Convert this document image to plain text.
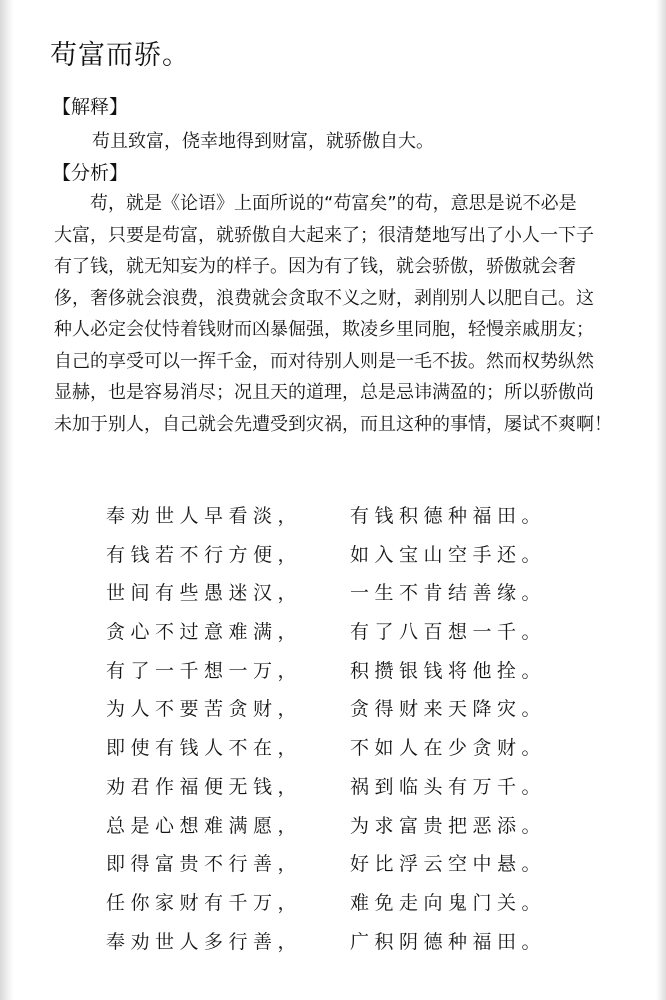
苟富而骄。
【解释】
苟且致富，侥幸地得到财富，就骄傲自大。
【分析】
苟，就是《论语》上面所说的“苟富矣”的苟，意思是说不必是
大富，只要是苟富，就骄傲自大起来了；很清楚地写出了小人一下子
有了钱，就无知妄为的样子。因为有了钱，就会骄傲，骄傲就会奢
侈，奢侈就会浪费，浪费就会贪取不义之财，剥削别人以肥自己。这
种人必定会仗恃着钱财而凶暴倔强，欺凌乡里同胞，轻慢亲戚朋友；
自己的享受可以一挥千金，而对待别人则是一毛不拔。然而权势纵然
显赫，也是容易消尽；况且天的道理，总是忌讳满盈的；所以骄傲尚
未加于别人，自己就会先遭受到灾祸，而且这种的事情，屡试不爽啊！
奉劝世人早看淡，	有钱积德种福田。
有钱若不行方便，	如入宝山空手还。
世间有些愚迷汉，	一生不肯结善缘。
贪心不过意难满，	有了八百想一千。
有了一千想一万，	积攒银钱将他拴。
为人不要苦贪财，	贪得财来天降灾。
即使有钱人不在，	不如人在少贪财。
劝君作福便无钱，	祸到临头有万千。
总是心想难满愿，	为求富贵把恶添。
即得富贵不行善，	好比浮云空中悬。
任你家财有千万，	难免走向鬼门关。
奉劝世人多行善，	广积阴德种福田。
